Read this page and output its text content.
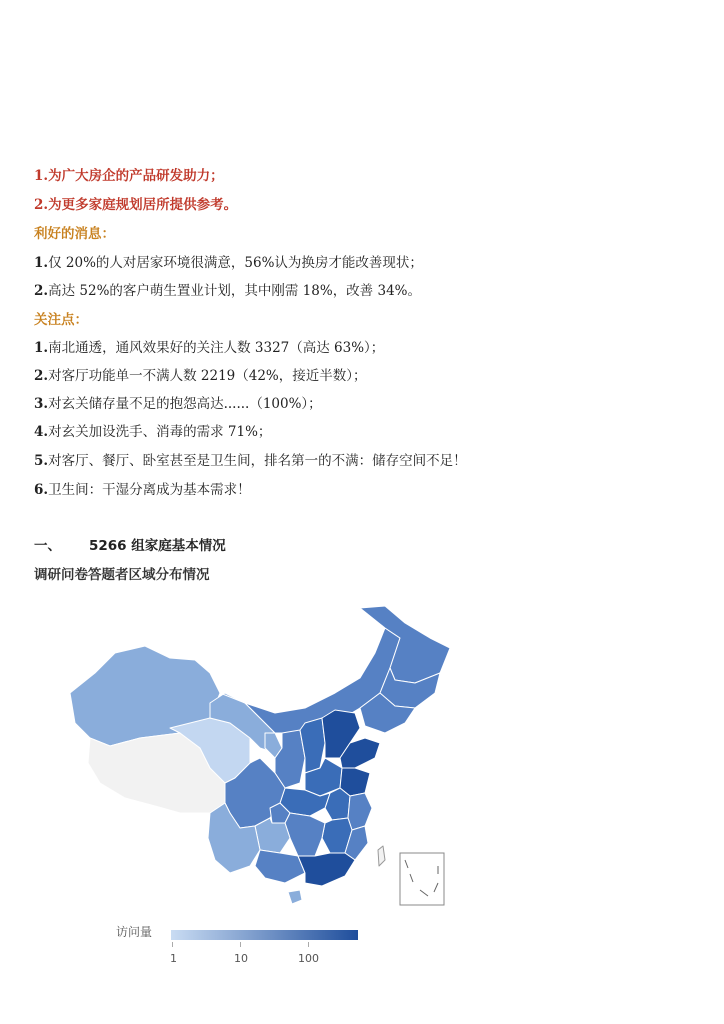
1.为广大房企的产品研发助力；
2.为更多家庭规划居所提供参考。
利好的消息：
1.仅 20%的人对居家环境很满意，56%认为换房才能改善现状；
2.高达 52%的客户萌生置业计划，其中刚需 18%，改善 34%。
关注点：
1.南北通透，通风效果好的关注人数 3327（高达 63%）；
2.对客厅功能单一不满人数 2219（42%，接近半数）；
3.对玄关储存量不足的抱怨高达......（100%）；
4.对玄关加设洗手、消毒的需求 71%；
5.对客厅、餐厅、卧室甚至是卫生间，排名第一的不满：储存空间不足！
6.卫生间：干湿分离成为基本需求！
一、 5266 组家庭基本情况
调研问卷答题者区域分布情况
访问量
1	10	100
